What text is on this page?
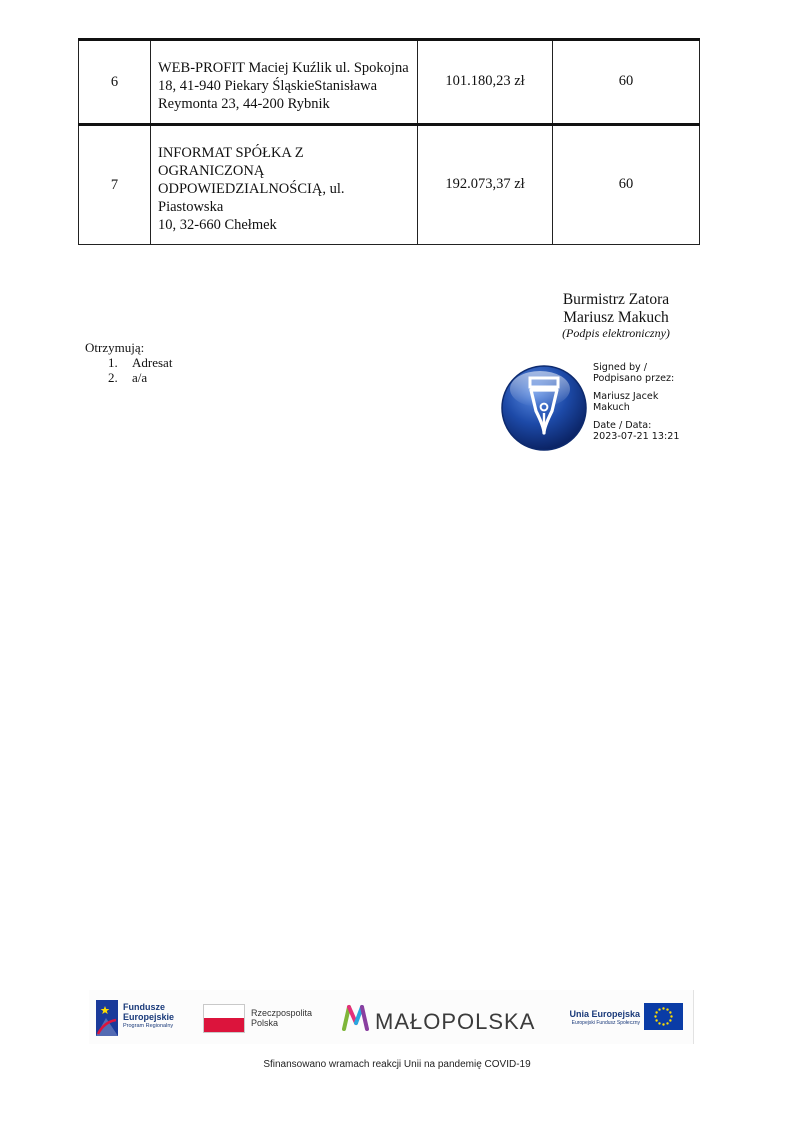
6	WEB-PROFIT Maciej Kuźlik ul. Spokojna
18, 41-940 Piekary ŚląskieStanisława
Reymonta 23, 44-200 Rybnik	101.180,23 zł	60
7	INFORMAT SPÓŁKA Z OGRANICZONĄ
ODPOWIEDZIALNOŚCIĄ, ul. Piastowska
10, 32-660 Chełmek	192.073,37 zł	60
Burmistrz Zatora
Mariusz Makuch
(Podpis elektroniczny)
Otrzymują:
1.	Adresat
2.	a/a
Signed by /
Podpisano przez:
Mariusz Jacek
Makuch
Date / Data:
2023-07-21 13:21
Fundusze
Europejskie
Program Regionalny
Rzeczpospolita
Polska	MAŁOPOLSKA	Unia Europejska
Europejski Fundusz Społeczny
Sfinansowano wramach reakcji Unii na pandemię COVID-19
